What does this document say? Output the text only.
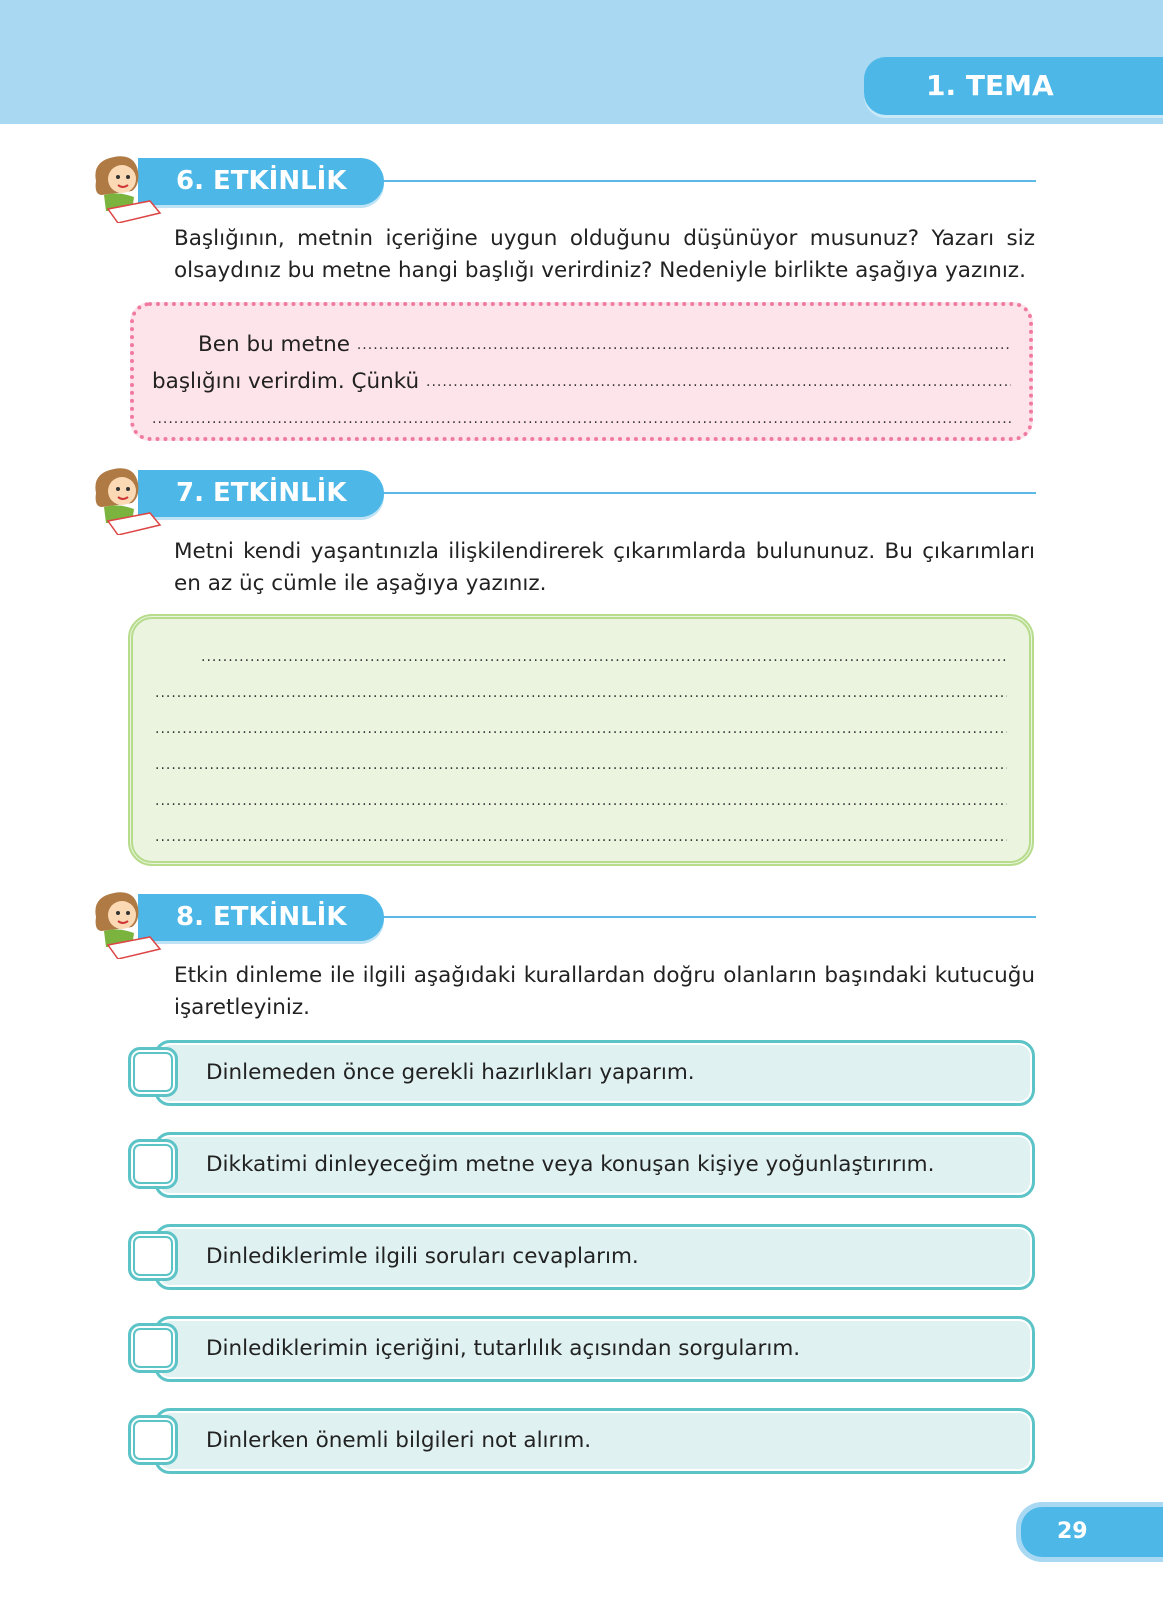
1. TEMA
6. ETKİNLİK
Başlığının, metnin içeriğine uygun olduğunu düşünüyor musunuz? Yazarı siz olsaydınız bu metne hangi başlığı verirdiniz? Nedeniyle birlikte aşağıya yazınız.
Ben bu metne

.....
başlığını verirdim. Çünkü

.....
.....
7. ETKİNLİK
Metni kendi yaşantınızla ilişkilendirerek çıkarımlarda bulununuz. Bu çıkarımları en az üç cümle ile aşağıya yazınız.
.....
.....
.....
.....
.....
.....
8. ETKİNLİK
Etkin dinleme ile ilgili aşağıdaki kurallardan doğru olanların başındaki kutucuğu işaretleyiniz.
Dinlemeden önce gerekli hazırlıkları yaparım.
Dikkatimi dinleyeceğim metne veya konuşan kişiye yoğunlaştırırım.
Dinlediklerimle ilgili soruları cevaplarım.
Dinlediklerimin içeriğini, tutarlılık açısından sorgularım.
Dinlerken önemli bilgileri not alırım.
29
